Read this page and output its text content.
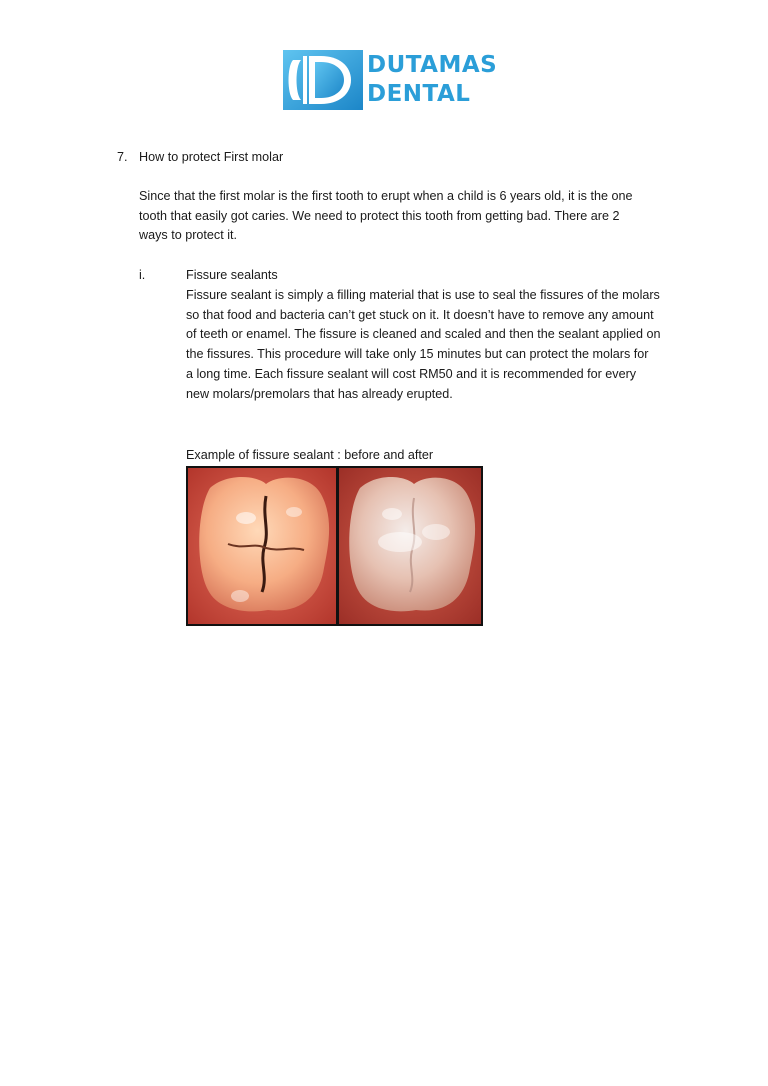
DUTAMAS
DENTAL
7. How to protect First molar
Since that the first molar is the first tooth to erupt when a child is 6 years old, it is the one
tooth that easily got caries. We need to protect this tooth from getting bad. There are 2
ways to protect it.
i.	Fissure sealants
Fissure sealant is simply a filling material that is use to seal the fissures of the molars
so that food and bacteria can’t get stuck on it. It doesn’t have to remove any amount
of teeth or enamel. The fissure is cleaned and scaled and then the sealant applied on
the fissures. This procedure will take only 15 minutes but can protect the molars for
a long time. Each fissure sealant will cost RM50 and it is recommended for every
new molars/premolars that has already erupted.
Example of fissure sealant : before and after
